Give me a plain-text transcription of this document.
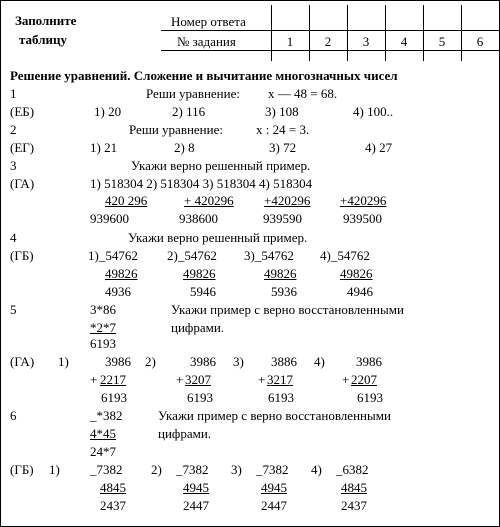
Заполните
таблицу
Номер ответа
№ задания	1	2	3	4	5	6
Решение уравнений. Сложение и вычитание многозначных чисел
1	Реши уравнение: x — 48 = 68.
(ЕБ)	1) 20	2) 116	3) 108	4) 100..
2	Реши уравнение:	x : 24 = 3.
(ЕГ)	1) 21	2) 8	3) 72	4) 27
3	Укажи верно решенный пример.
(ГА)	1) 518304 2) 518304 3) 518304 4) 518304
420 296	+ 420296 +420296 +420296
939600	938600	939590	939500
4	Укажи верно решенный пример.
(ГБ)	1)_54762 2)_54762 3)_54762 4)_54762
49826	49826	49826	49826
4936	5946	5936	4946
5	3*86	Укажи пример с верно восстановленными
*2*7	цифрами.
6193
(ГА) 1)	2)	3)	4)
3986	3986	3886	3986
+ 2217	+ 3207	+ 3217	+ 2207
6193	6193	6193	6193
6	_*382	Укажи пример с верно восстановленными
4*45	цифрами.
24*7
(ГБ) 1)	2)	3)	4)
_7382	_7382	_7382	_6382
4845	4945	4945	4845
2437	2447	2447	2437
